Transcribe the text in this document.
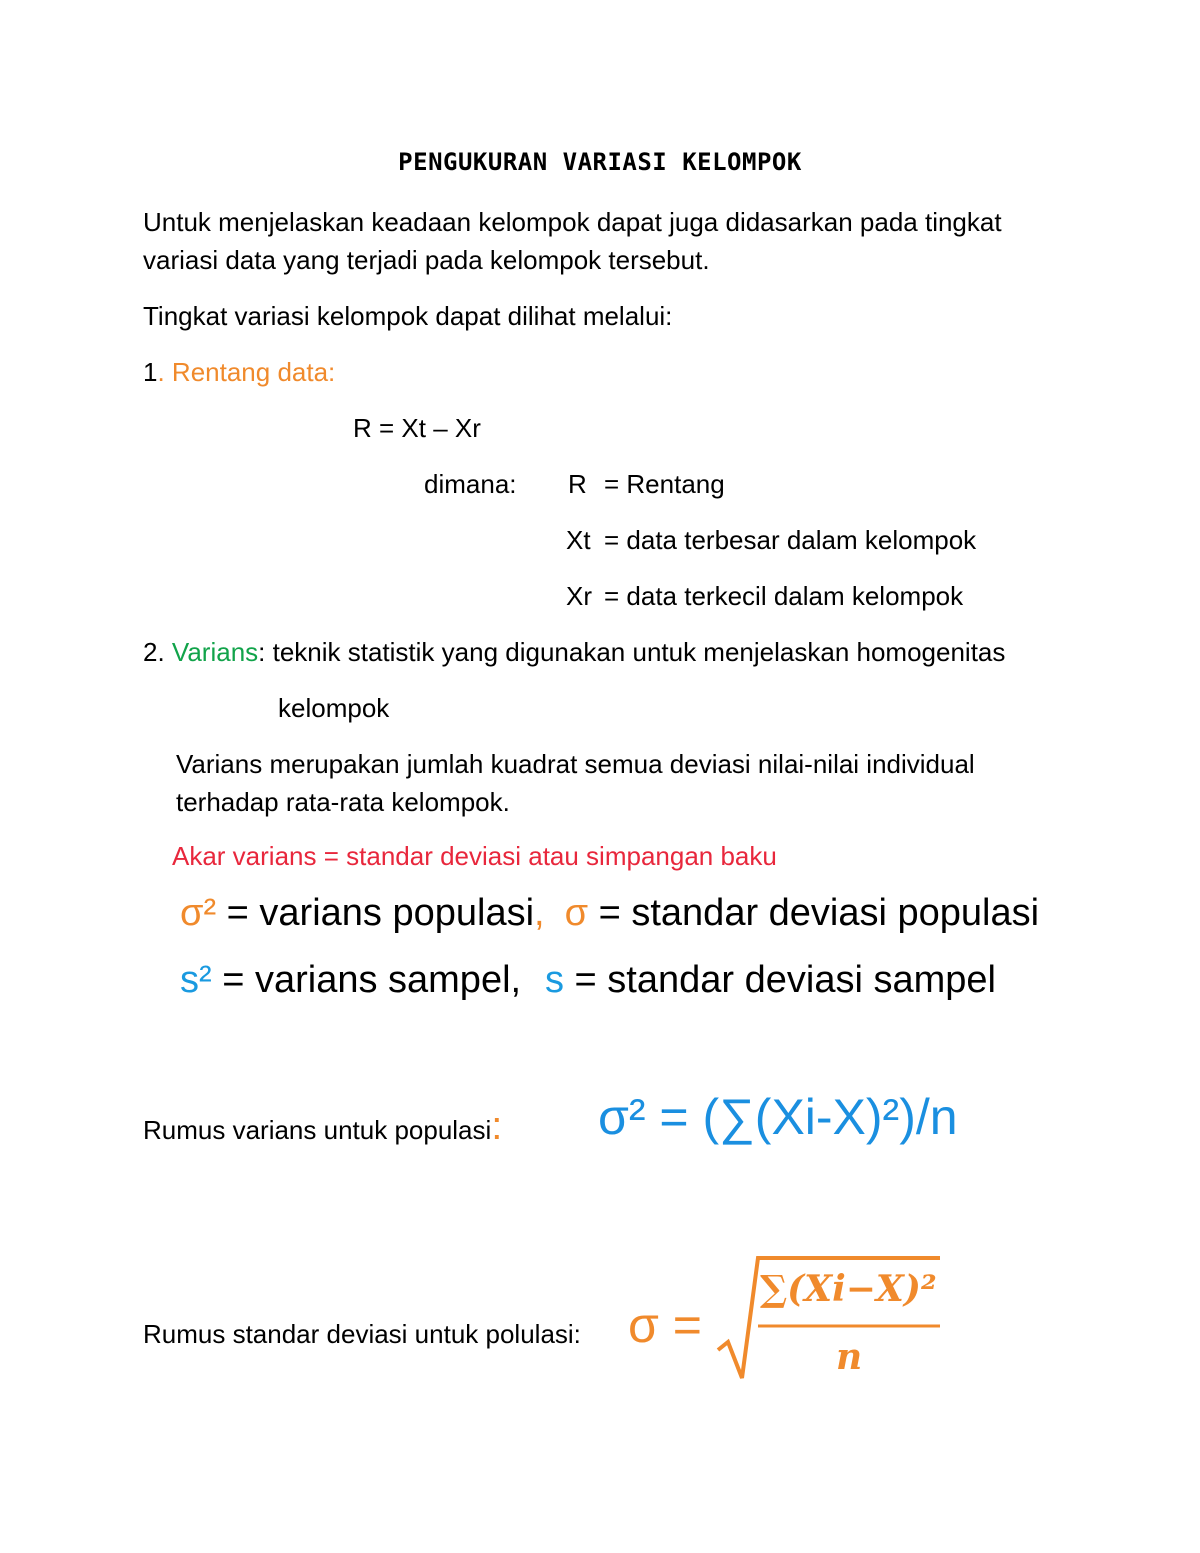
PENGUKURAN VARIASI KELOMPOK
Untuk menjelaskan keadaan kelompok dapat juga didasarkan pada tingkat
variasi data yang terjadi pada kelompok tersebut.
Tingkat variasi kelompok dapat dilihat melalui:
1. Rentang data:
R = Xt – Xr
dimana: R = Rentang
Xt = data terbesar dalam kelompok
Xr = data terkecil dalam kelompok
2. Varians: teknik statistik yang digunakan untuk menjelaskan homogenitas
kelompok
Varians merupakan jumlah kuadrat semua deviasi nilai-nilai individual
terhadap rata-rata kelompok.
Akar varians = standar deviasi atau simpangan baku
σ² = varians populasi, σ = standar deviasi populasi
s² = varians sampel, s = standar deviasi sampel
Rumus varians untuk populasi: σ² = (∑(Xi-X)²)/n
Rumus standar deviasi untuk polulasi: σ =
∑(Xi−X)²
n
